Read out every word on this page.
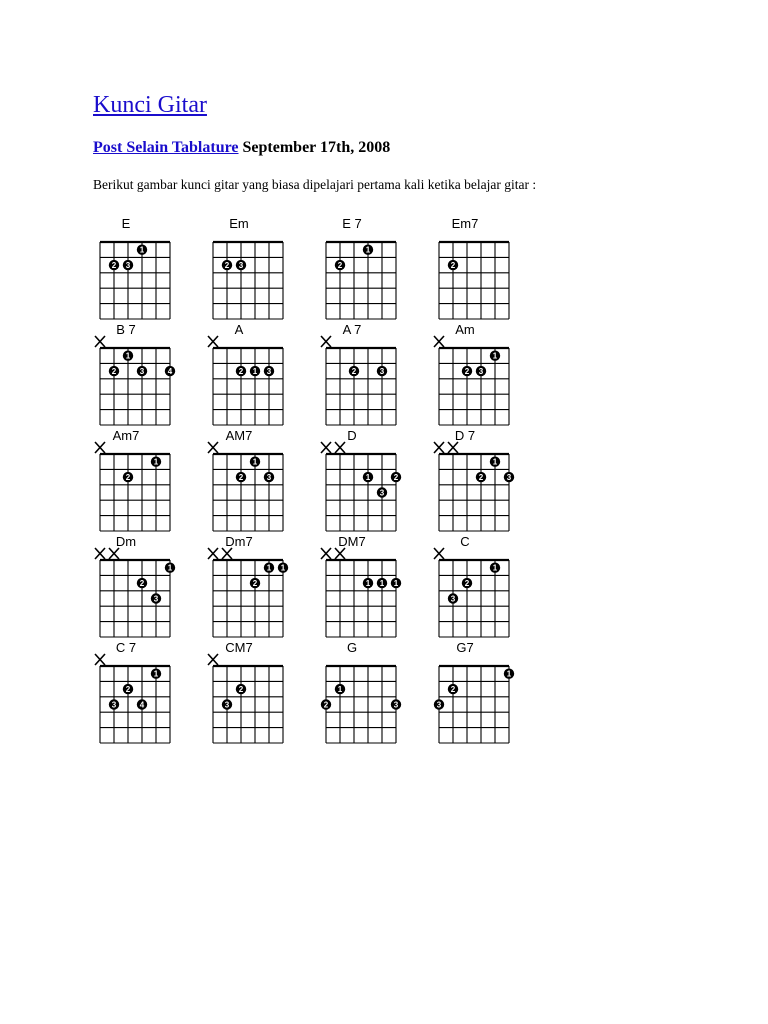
Kunci Gitar
Post Selain Tablature September 17th, 2008
Berikut gambar kunci gitar yang biasa dipelajari pertama kali ketika belajar gitar :
E
1
2 3
Em
2 3
E 7
1
2
Em7
2
B 7
1
2	3	4
A
2 1 3
A 7
2	3
Am
1
2 3
Am7
1
2
AM7
1
2	3
D
1	2
3
D 7
1
2	3
Dm
1
2
3
Dm7
1 1
2
DM7
1 1 1
C
1
2
3
C 7
1
2
3	4
CM7
2
3
G
1
2	3
G7
1
2
3
